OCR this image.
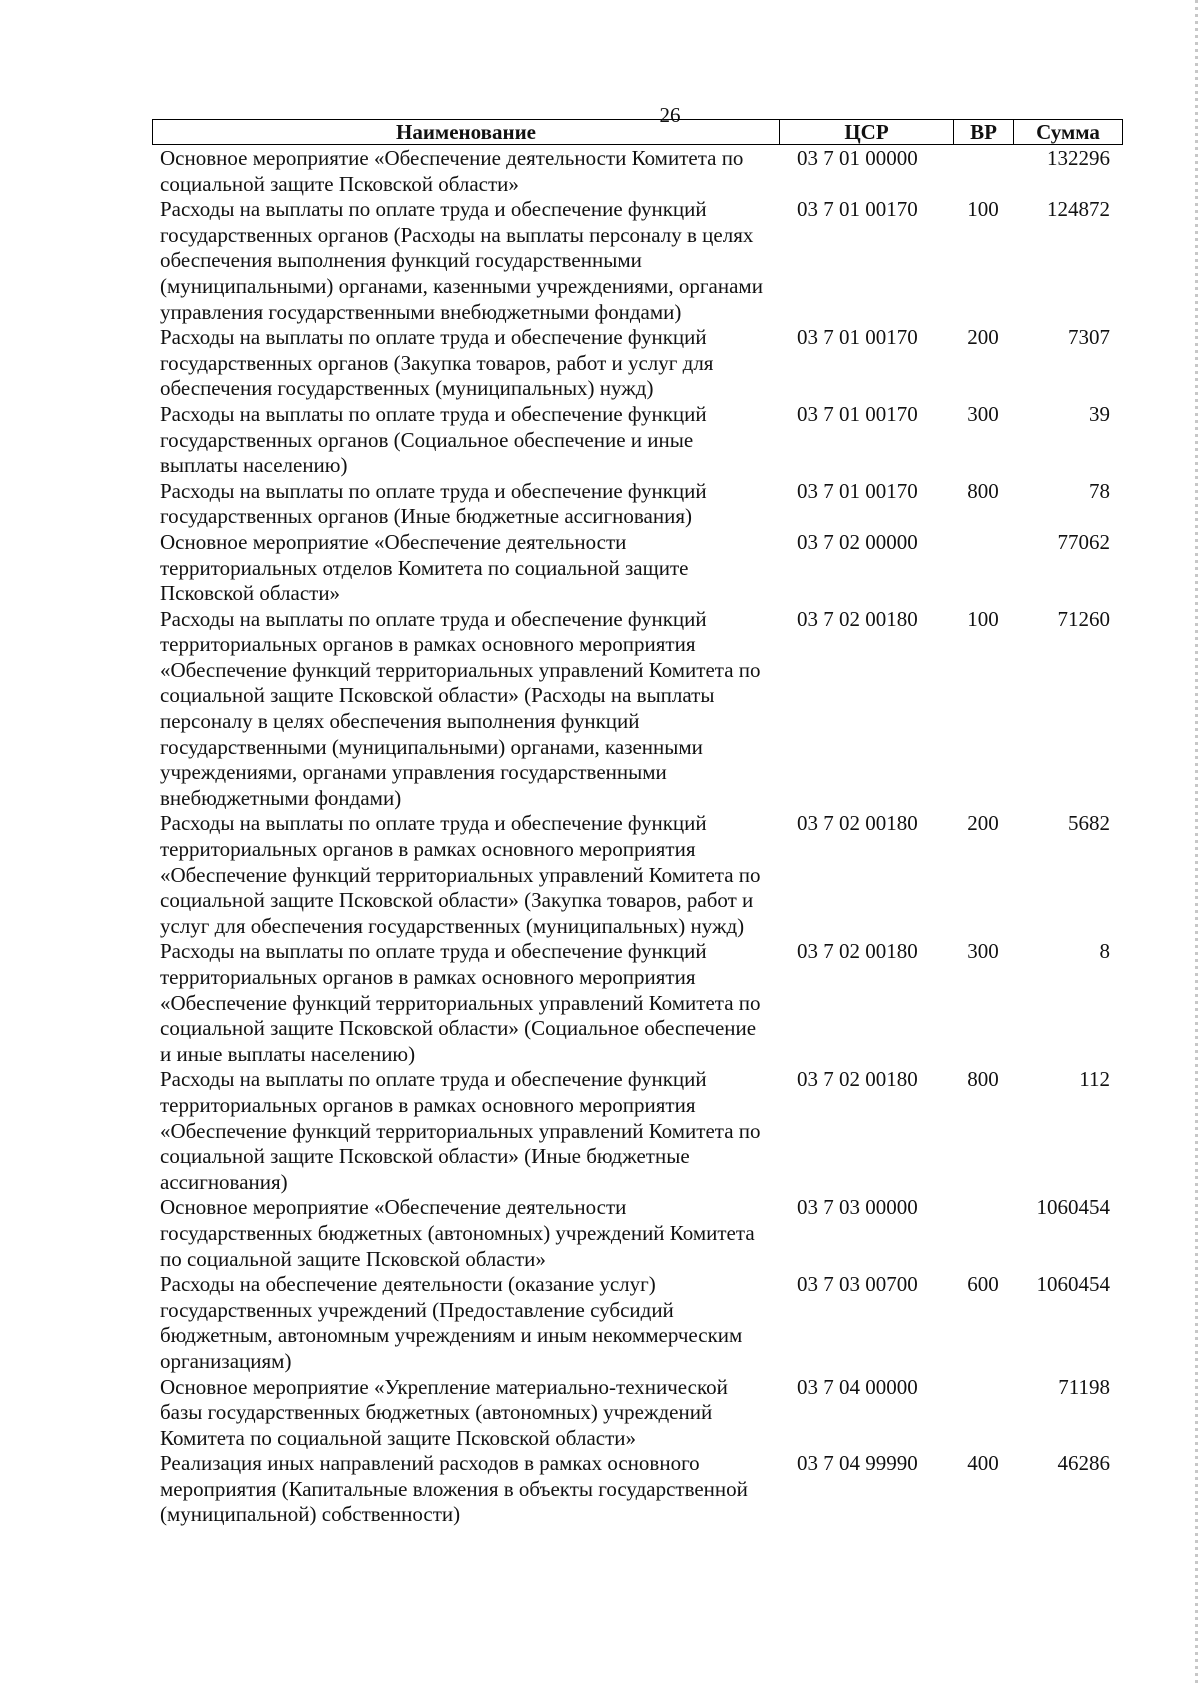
26
Наименование	ЦСР	ВР	Сумма
Основное мероприятие «Обеспечение деятельности Комитета по социальной защите Псковской области»	03 7 01 00000		132296
Расходы на выплаты по оплате труда и обеспечение функций государственных органов (Расходы на выплаты персоналу в целях обеспечения выполнения функций государственными (муниципальными) органами, казенными учреждениями, органами управления государственными внебюджетными фондами)	03 7 01 00170	100	124872
Расходы на выплаты по оплате труда и обеспечение функций государственных органов (Закупка товаров, работ и услуг для обеспечения государственных (муниципальных) нужд)	03 7 01 00170	200	7307
Расходы на выплаты по оплате труда и обеспечение функций государственных органов (Социальное обеспечение и иные выплаты населению)	03 7 01 00170	300	39
Расходы на выплаты по оплате труда и обеспечение функций государственных органов (Иные бюджетные ассигнования)	03 7 01 00170	800	78
Основное мероприятие «Обеспечение деятельности территориальных отделов Комитета по социальной защите Псковской области»	03 7 02 00000		77062
Расходы на выплаты по оплате труда и обеспечение функций территориальных органов в рамках основного мероприятия «Обеспечение функций территориальных управлений Комитета по социальной защите Псковской области» (Расходы на выплаты персоналу в целях обеспечения выполнения функций государственными (муниципальными) органами, казенными учреждениями, органами управления государственными внебюджетными фондами)	03 7 02 00180	100	71260
Расходы на выплаты по оплате труда и обеспечение функций территориальных органов в рамках основного мероприятия «Обеспечение функций территориальных управлений Комитета по социальной защите Псковской области» (Закупка товаров, работ и услуг для обеспечения государственных (муниципальных) нужд)	03 7 02 00180	200	5682
Расходы на выплаты по оплате труда и обеспечение функций территориальных органов в рамках основного мероприятия «Обеспечение функций территориальных управлений Комитета по социальной защите Псковской области» (Социальное обеспечение и иные выплаты населению)	03 7 02 00180	300	8
Расходы на выплаты по оплате труда и обеспечение функций территориальных органов в рамках основного мероприятия «Обеспечение функций территориальных управлений Комитета по социальной защите Псковской области» (Иные бюджетные ассигнования)	03 7 02 00180	800	112
Основное мероприятие «Обеспечение деятельности государственных бюджетных (автономных) учреждений Комитета по социальной защите Псковской области»	03 7 03 00000		1060454
Расходы на обеспечение деятельности (оказание услуг) государственных учреждений (Предоставление субсидий бюджетным, автономным учреждениям и иным некоммерческим организациям)	03 7 03 00700	600	1060454
Основное мероприятие «Укрепление материально-технической базы государственных бюджетных (автономных) учреждений Комитета по социальной защите Псковской области»	03 7 04 00000		71198
Реализация иных направлений расходов в рамках основного мероприятия (Капитальные вложения в объекты государственной (муниципальной) собственности)	03 7 04 99990	400	46286
